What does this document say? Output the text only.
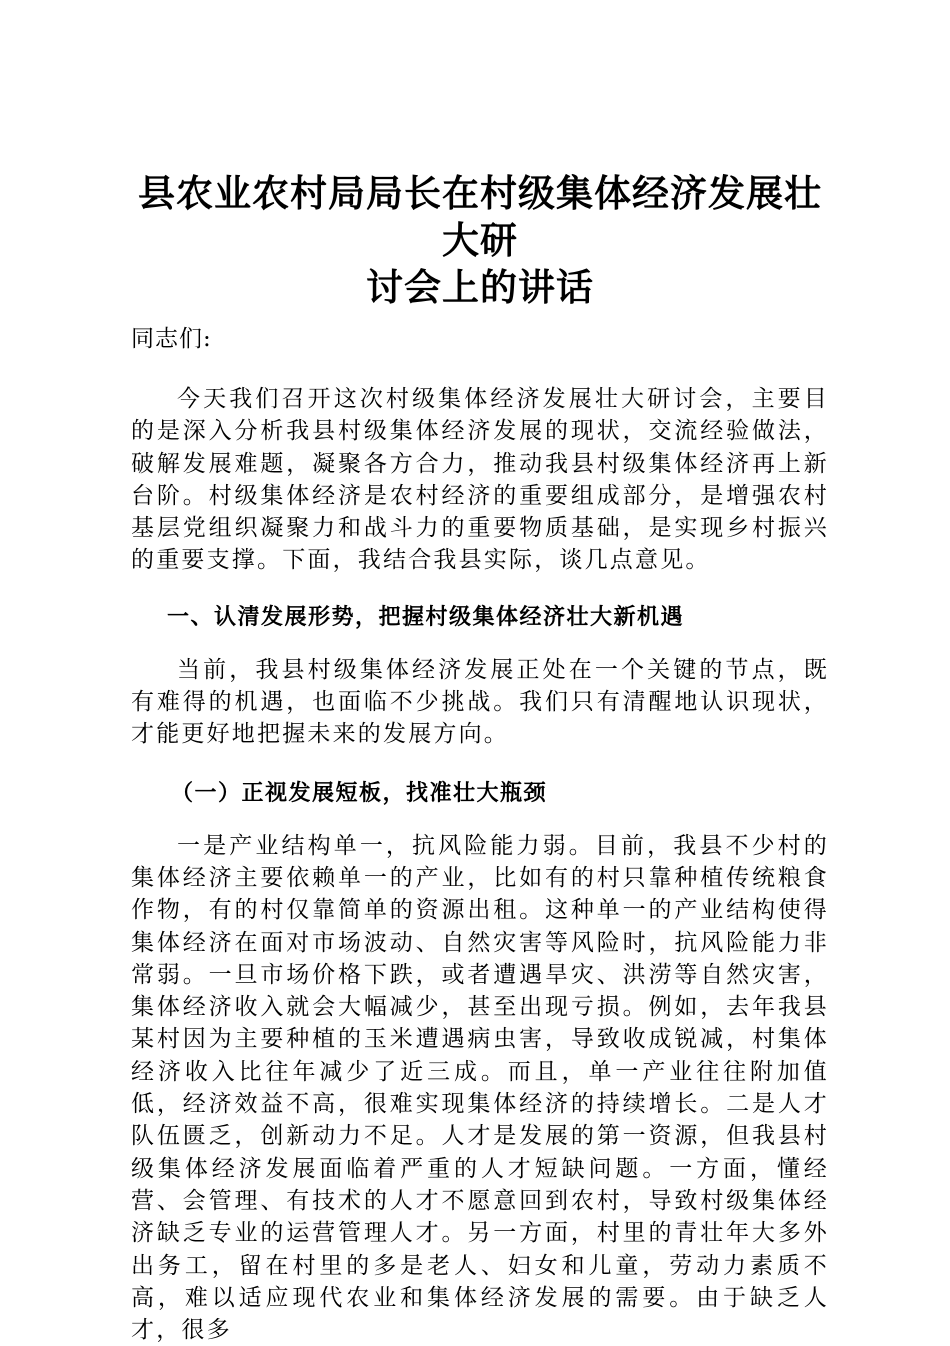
县农业农村局局长在村级集体经济发展壮大研
讨会上的讲话

同志们:

今天我们召开这次村级集体经济发展壮大研讨会，主要目的是深入分析我县村级集体经济发展的现状，交流经验做法，破解发展难题，凝聚各方合力，推动我县村级集体经济再上新台阶。村级集体经济是农村经济的重要组成部分，是增强农村基层党组织凝聚力和战斗力的重要物质基础，是实现乡村振兴的重要支撑。下面，我结合我县实际，谈几点意见。

一、认清发展形势，把握村级集体经济壮大新机遇

当前，我县村级集体经济发展正处在一个关键的节点，既有难得的机遇，也面临不少挑战。我们只有清醒地认识现状，才能更好地把握未来的发展方向。

（一）正视发展短板，找准壮大瓶颈

一是产业结构单一，抗风险能力弱。目前，我县不少村的集体经济主要依赖单一的产业，比如有的村只靠种植传统粮食作物，有的村仅靠简单的资源出租。这种单一的产业结构使得集体经济在面对市场波动、自然灾害等风险时，抗风险能力非常弱。一旦市场价格下跌，或者遭遇旱灾、洪涝等自然灾害，集体经济收入就会大幅减少，甚至出现亏损。例如，去年我县某村因为主要种植的玉米遭遇病虫害，导致收成锐减，村集体经济收入比往年减少了近三成。而且，单一产业往往附加值低，经济效益不高，很难实现集体经济的持续增长。二是人才队伍匮乏，创新动力不足。人才是发展的第一资源，但我县村级集体经济发展面临着严重的人才短缺问题。一方面，懂经营、会管理、有技术的人才不愿意回到农村，导致村级集体经济缺乏专业的运营管理人才。另一方面，村里的青壮年大多外出务工，留在村里的多是老人、妇女和儿童，劳动力素质不高，难以适应现代农业和集体经济发展的需要。由于缺乏人才，很多
